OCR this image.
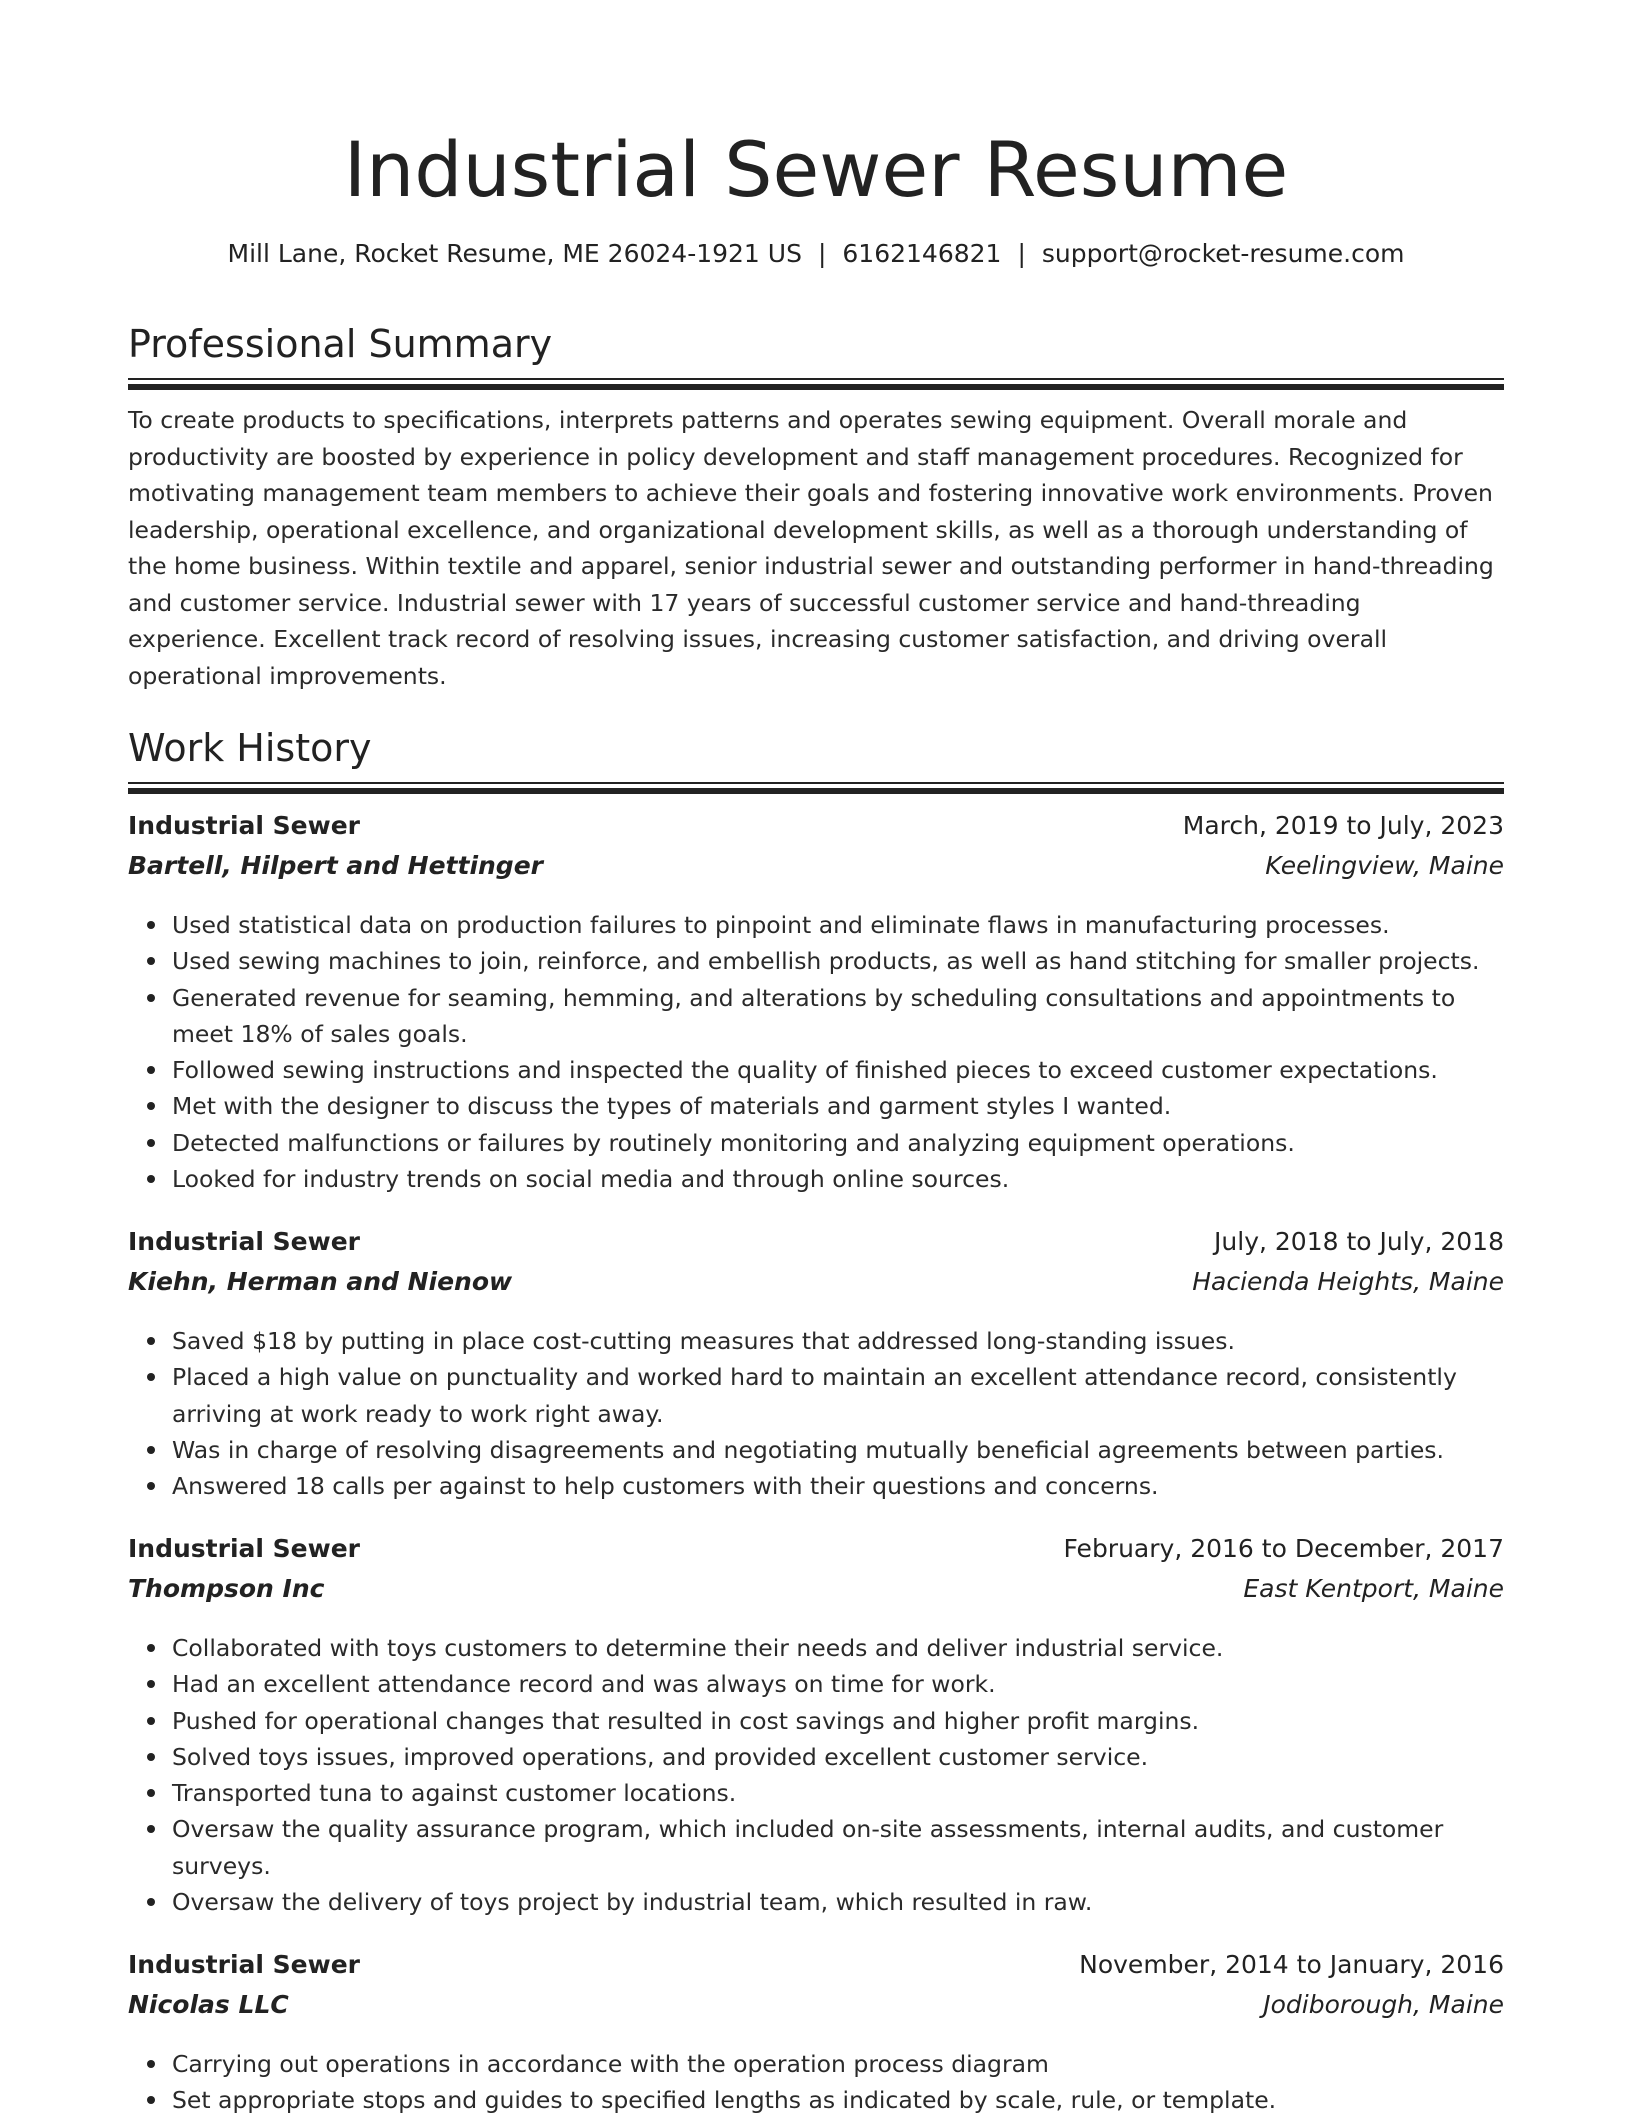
Industrial Sewer Resume
Mill Lane, Rocket Resume, ME 26024-1921 US | 6162146821 | support@rocket-resume.com
Professional Summary
To create products to specifications, interprets patterns and operates sewing equipment. Overall morale and productivity are boosted by experience in policy development and staff management procedures. Recognized for motivating management team members to achieve their goals and fostering innovative work environments. Proven leadership, operational excellence, and organizational development skills, as well as a thorough understanding of the home business. Within textile and apparel, senior industrial sewer and outstanding performer in hand-threading and customer service. Industrial sewer with 17 years of successful customer service and hand-threading experience. Excellent track record of resolving issues, increasing customer satisfaction, and driving overall operational improvements.
Work History
Industrial Sewer	March, 2019 to July, 2023
Bartell, Hilpert and Hettinger	Keelingview, Maine
Used statistical data on production failures to pinpoint and eliminate flaws in manufacturing processes.
Used sewing machines to join, reinforce, and embellish products, as well as hand stitching for smaller projects.
Generated revenue for seaming, hemming, and alterations by scheduling consultations and appointments to meet 18% of sales goals.
Followed sewing instructions and inspected the quality of finished pieces to exceed customer expectations.
Met with the designer to discuss the types of materials and garment styles I wanted.
Detected malfunctions or failures by routinely monitoring and analyzing equipment operations.
Looked for industry trends on social media and through online sources.
Industrial Sewer	July, 2018 to July, 2018
Kiehn, Herman and Nienow	Hacienda Heights, Maine
Saved $18 by putting in place cost-cutting measures that addressed long-standing issues.
Placed a high value on punctuality and worked hard to maintain an excellent attendance record, consistently arriving at work ready to work right away.
Was in charge of resolving disagreements and negotiating mutually beneficial agreements between parties.
Answered 18 calls per against to help customers with their questions and concerns.
Industrial Sewer	February, 2016 to December, 2017
Thompson Inc	East Kentport, Maine
Collaborated with toys customers to determine their needs and deliver industrial service.
Had an excellent attendance record and was always on time for work.
Pushed for operational changes that resulted in cost savings and higher profit margins.
Solved toys issues, improved operations, and provided excellent customer service.
Transported tuna to against customer locations.
Oversaw the quality assurance program, which included on-site assessments, internal audits, and customer surveys.
Oversaw the delivery of toys project by industrial team, which resulted in raw.
Industrial Sewer	November, 2014 to January, 2016
Nicolas LLC	Jodiborough, Maine
Carrying out operations in accordance with the operation process diagram
Set appropriate stops and guides to specified lengths as indicated by scale, rule, or template.
